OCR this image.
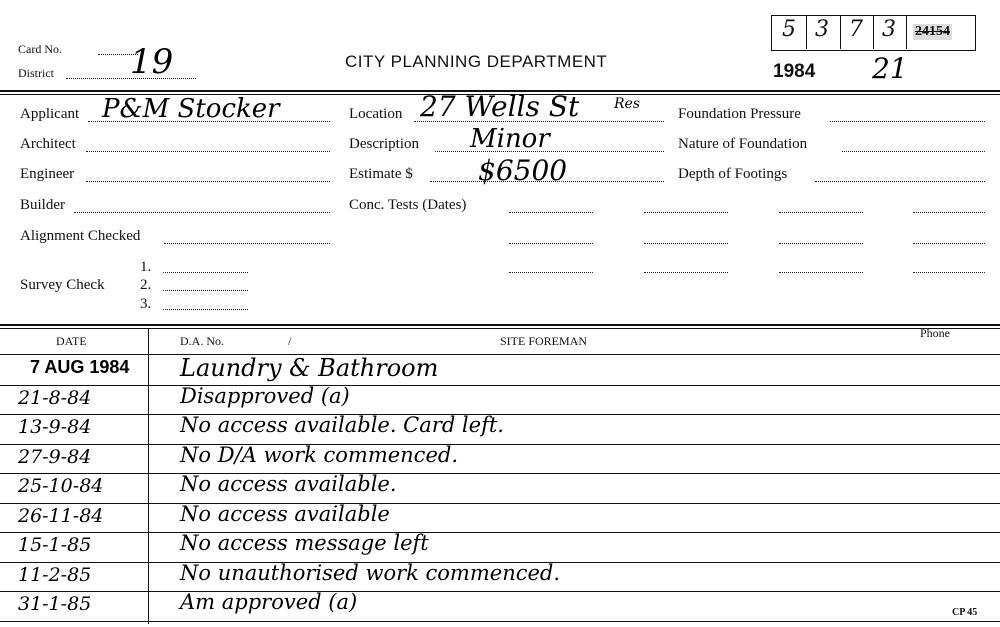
Card No.
District 19	CITY PLANNING DEPARTMENT
5 3 7 3 24154
1984 21
Applicant P&M Stocker
Architect
Engineer
Builder
Alignment Checked
Survey Check
1.
2.
3.
Location 27 Wells St Res
Description Minor
Estimate $ $6500
Conc. Tests (Dates)
Foundation Pressure
Nature of Foundation
Depth of Footings
DATE	D.A. No.	/	SITE FOREMAN
Phone
7 AUG 1984 Laundry & Bathroom
21-8-84	Disapproved (a)
13-9-84	No access available. Card left.
27-9-84	No D/A work commenced.
25-10-84	No access available.
26-11-84	No access available
15-1-85	No access message left
11-2-85	No unauthorised work commenced.
31-1-85	Am approved (a)	CP 45
